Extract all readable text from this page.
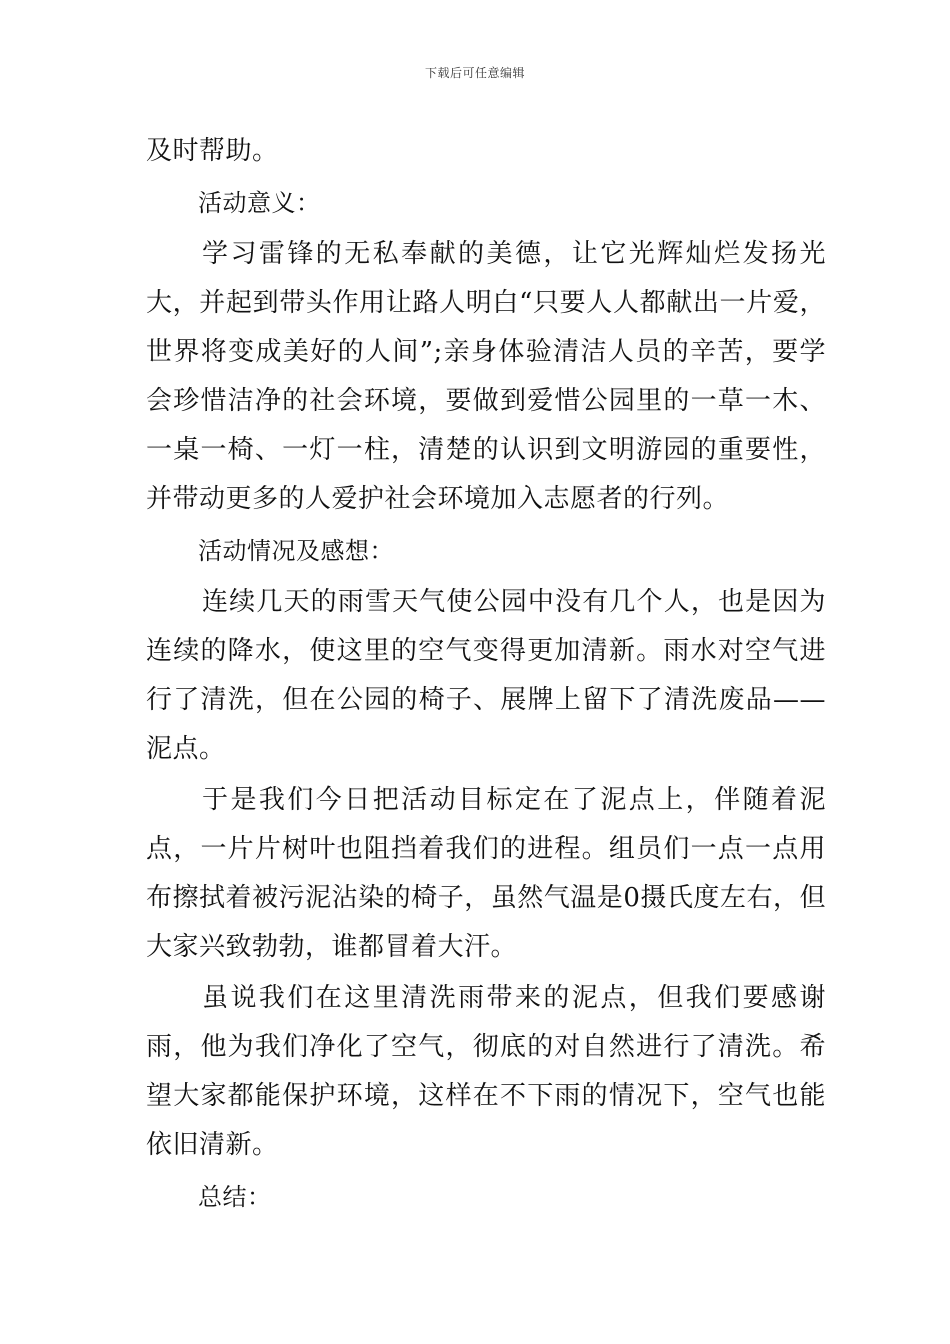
下载后可任意编辑

及时帮助。

活动意义：

学习雷锋的无私奉献的美德，让它光辉灿烂发扬光大，并起到带头作用让路人明白“只要人人都献出一片爱，世界将变成美好的人间”;亲身体验清洁人员的辛苦，要学会珍惜洁净的社会环境，要做到爱惜公园里的一草一木、一桌一椅、一灯一柱，清楚的认识到文明游园的重要性，并带动更多的人爱护社会环境加入志愿者的行列。

活动情况及感想：

连续几天的雨雪天气使公园中没有几个人，也是因为连续的降水，使这里的空气变得更加清新。雨水对空气进行了清洗，但在公园的椅子、展牌上留下了清洗废品——泥点。

于是我们今日把活动目标定在了泥点上，伴随着泥点，一片片树叶也阻挡着我们的进程。组员们一点一点用布擦拭着被污泥沾染的椅子，虽然气温是0摄氏度左右，但大家兴致勃勃，谁都冒着大汗。

虽说我们在这里清洗雨带来的泥点，但我们要感谢雨，他为我们净化了空气，彻底的对自然进行了清洗。希望大家都能保护环境，这样在不下雨的情况下，空气也能依旧清新。

总结：
